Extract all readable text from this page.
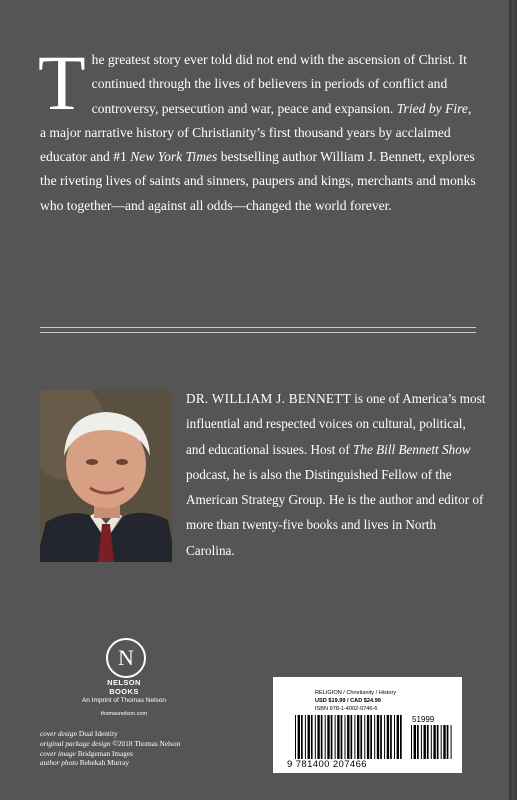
The greatest story ever told did not end with the ascension of Christ. It continued through the lives of believers in periods of conflict and controversy, persecution and war, peace and expansion. Tried by Fire, a major narrative history of Christianity’s first thousand years by acclaimed educator and #1 New York Times bestselling author William J. Bennett, explores the riveting lives of saints and sinners, paupers and kings, merchants and monks who together—and against all odds—changed the world forever.

DR. WILLIAM J. BENNETT is one of America’s most influential and respected voices on cultural, political, and educational issues. Host of The Bill Bennett Show podcast, he is also the Distinguished Fellow of the American Strategy Group. He is the author and editor of more than twenty-five books and lives in North Carolina.

N
NELSON
BOOKS
An Imprint of Thomas Nelson
thomasnelson.com
cover design Dual Identity
original package design ©2018 Thomas Nelson
cover image Bridgeman Images
author photo Rebekah Murray
RELIGION / Christianity / History
USD $19.99 / CAD $24.99
ISBN 978-1-4002-0746-6
51999
9 781400 207466
